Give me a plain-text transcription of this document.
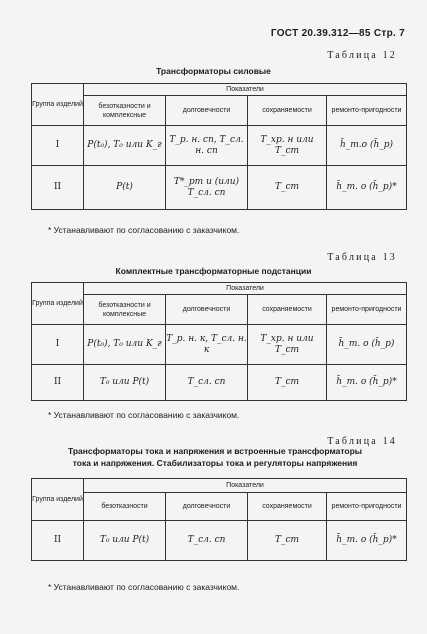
ГОСТ 20.39.312—85 Стр. 7
Таблица 12
Трансформаторы силовые
Группа изделий	Показатели			
	безотказности и комплексные	долговечности	сохраняемости	ремонто-пригодности
I	P(t₀), T₀ или K_г	T_р. н. сп, T_сл. н. сп	T_хр. н или T_ст	h̄_т.о (h̄_р)
II	P(t)	T*_рт и (или) T_сл. сп	T_ст	h̄_т. о (h̄_р)*
* Устанавливают по согласованию с заказчиком.
Таблица 13
Комплектные трансформаторные подстанции
Группа изделий	Показатели			
	безотказности и комплексные	долговечности	сохраняемости	ремонто-пригодности
I	P(t₀), T₀ или K_г	T_р. н. к, T_сл. н. к	T_хр. н или T_ст	h̄_т. о (h̄_р)
II	T₀ или P(t)	T_сл. сп	T_ст	h̄_т. о (h̄_р)*
* Устанавливают по согласованию с заказчиком.
Таблица 14
Трансформаторы тока и напряжения и встроенные трансформаторы тока и напряжения. Стабилизаторы тока и регуляторы напряжения
Группа изделий	Показатели			
	безотказности	долговечности	сохраняемости	ремонто-пригодности
II	T₀ или P(t)	T_сл. сп	T_ст	h̄_т. о (h̄_р)*
* Устанавливают по согласованию с заказчиком.
